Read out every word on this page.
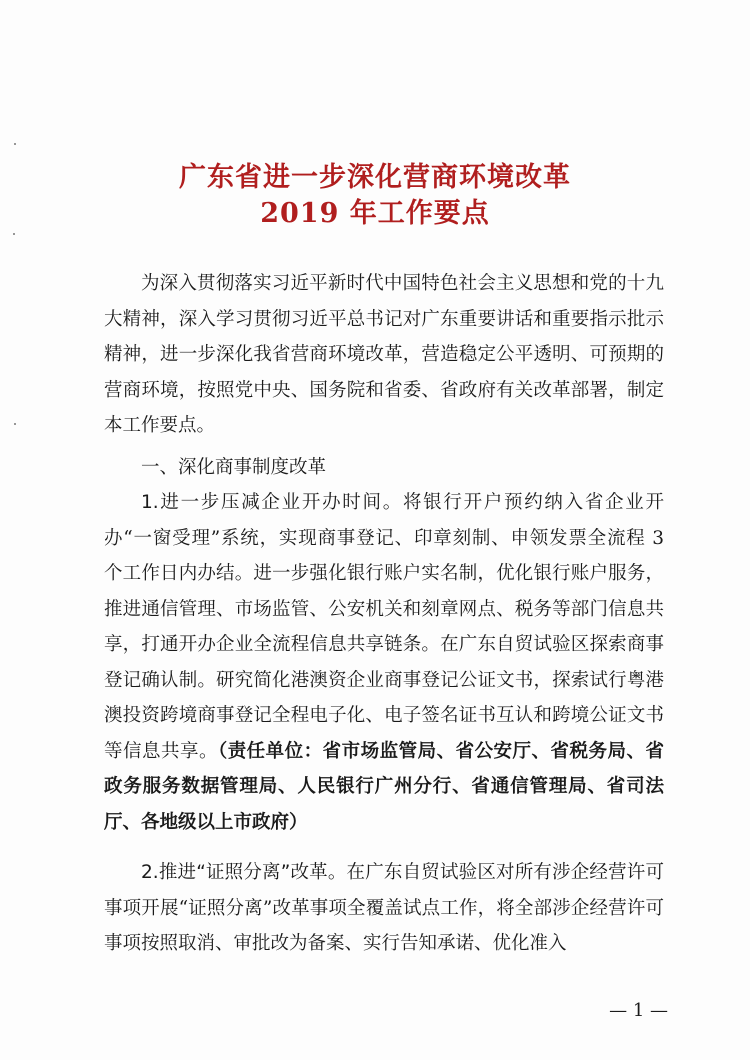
广东省进一步深化营商环境改革
2019 年工作要点

为深入贯彻落实习近平新时代中国特色社会主义思想和党的十九大精神，深入学习贯彻习近平总书记对广东重要讲话和重要指示批示精神，进一步深化我省营商环境改革，营造稳定公平透明、可预期的营商环境，按照党中央、国务院和省委、省政府有关改革部署，制定本工作要点。

一、深化商事制度改革

1.进一步压减企业开办时间。将银行开户预约纳入省企业开办“一窗受理”系统，实现商事登记、印章刻制、申领发票全流程 3 个工作日内办结。进一步强化银行账户实名制，优化银行账户服务，推进通信管理、市场监管、公安机关和刻章网点、税务等部门信息共享，打通开办企业全流程信息共享链条。在广东自贸试验区探索商事登记确认制。研究简化港澳资企业商事登记公证文书，探索试行粤港澳投资跨境商事登记全程电子化、电子签名证书互认和跨境公证文书等信息共享。（责任单位：省市场监管局、省公安厅、省税务局、省政务服务数据管理局、人民银行广州分行、省通信管理局、省司法厅、各地级以上市政府）

2.推进“证照分离”改革。在广东自贸试验区对所有涉企经营许可事项开展“证照分离”改革事项全覆盖试点工作，将全部涉企经营许可事项按照取消、审批改为备案、实行告知承诺、优化准入

— 1 —
